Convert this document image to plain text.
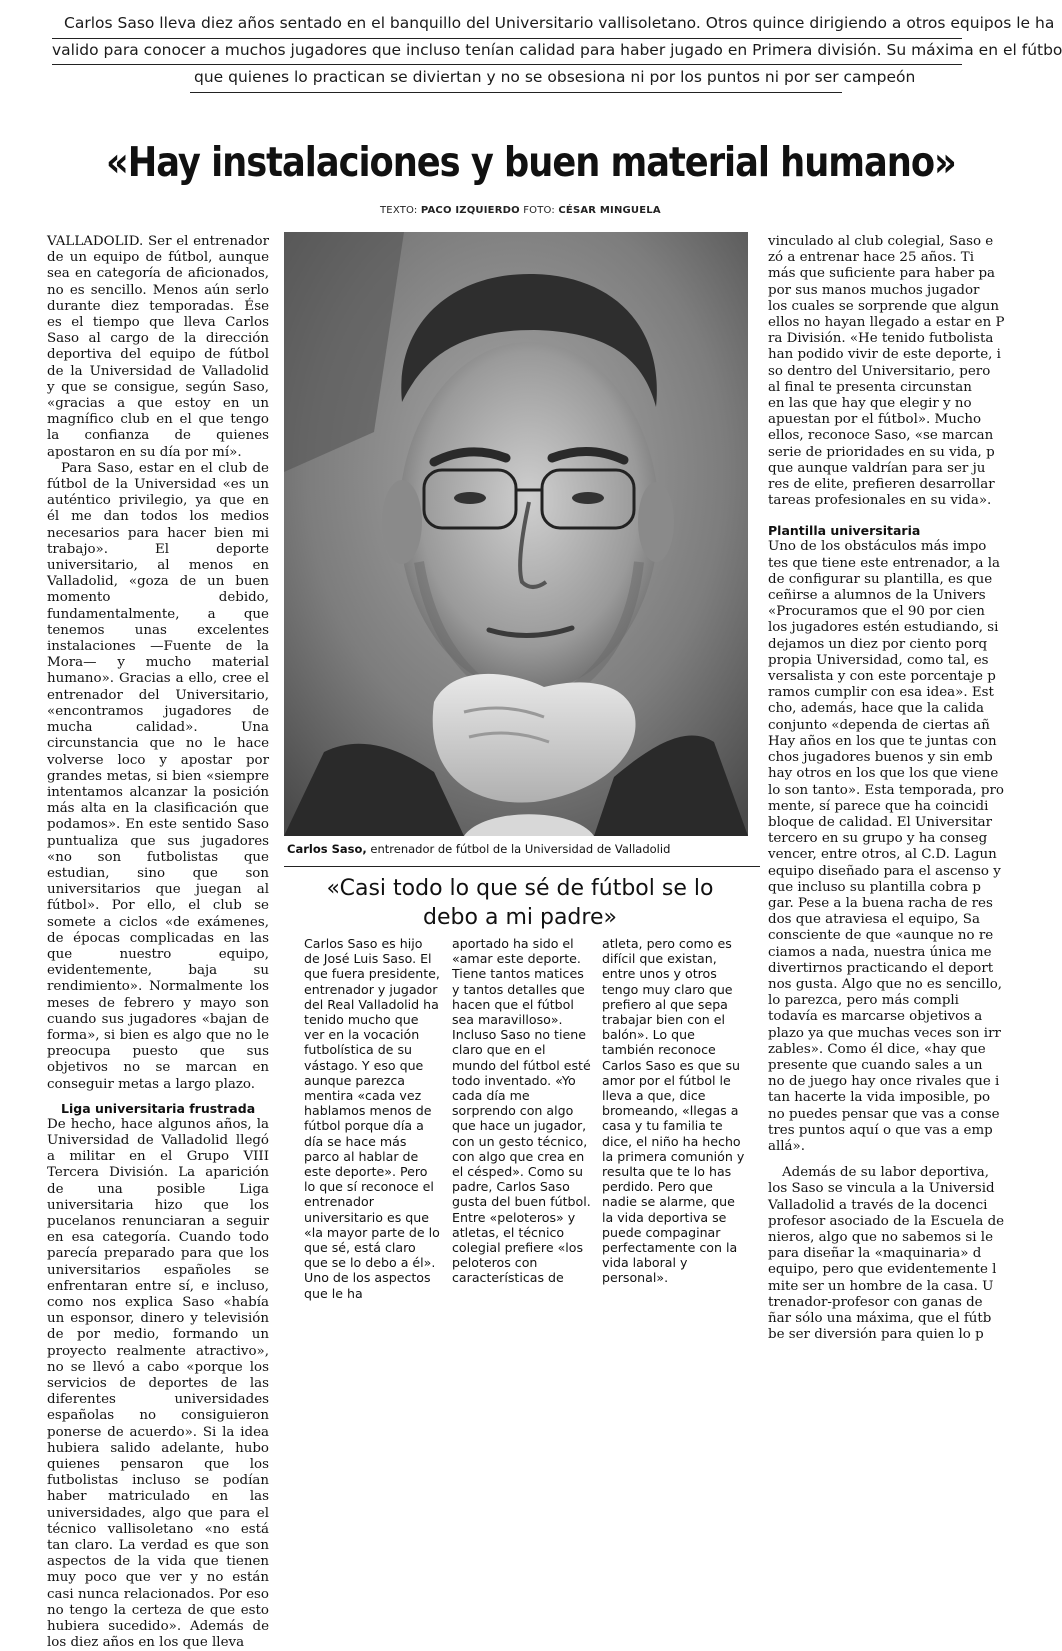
Carlos Saso lleva diez años sentado en el banquillo del Universitario vallisoletano. Otros quince dirigiendo a otros equipos le ha
valido para conocer a muchos jugadores que incluso tenían calidad para haber jugado en Primera división. Su máxima en el fútbo
que quienes lo practican se diviertan y no se obsesiona ni por los puntos ni por ser campeón
«Hay instalaciones y buen material humano»
TEXTO: PACO IZQUIERDO FOTO: CÉSAR MINGUELA

VALLADOLID. Ser el entrenador de un equipo de fútbol, aunque sea en categoría de aficionados, no es sencillo. Menos aún serlo durante diez temporadas. Ése es el tiempo que lleva Carlos Saso al cargo de la dirección deportiva del equipo de fútbol de la Universidad de Valladolid y que se consigue, según Saso, «gracias a que estoy en un magnífico club en el que tengo la confianza de quienes apostaron en su día por mí».

Para Saso, estar en el club de fútbol de la Universidad «es un auténtico privilegio, ya que en él me dan todos los medios necesarios para hacer bien mi trabajo». El deporte universitario, al menos en Valladolid, «goza de un buen momento debido, fundamentalmente, a que tenemos unas excelentes instalaciones —Fuente de la Mora— y mucho material humano». Gracias a ello, cree el entrenador del Universitario, «encontramos jugadores de mucha calidad». Una circunstancia que no le hace volverse loco y apostar por grandes metas, si bien «siempre intentamos alcanzar la posición más alta en la clasificación que podamos». En este sentido Saso puntualiza que sus jugadores «no son futbolistas que estudian, sino que son universitarios que juegan al fútbol». Por ello, el club se somete a ciclos «de exámenes, de épocas complicadas en las que nuestro equipo, evidentemente, baja su rendimiento». Normalmente los meses de febrero y mayo son cuando sus jugadores «bajan de forma», si bien es algo que no le preocupa puesto que sus objetivos no se marcan en conseguir metas a largo plazo.

Liga universitaria frustrada

De hecho, hace algunos años, la Universidad de Valladolid llegó a militar en el Grupo VIII Tercera División. La aparición de una posible Liga universitaria hizo que los pucelanos renunciaran a seguir en esa categoría. Cuando todo parecía preparado para que los universitarios españoles se enfrentaran entre sí, e incluso, como nos explica Saso «había un esponsor, dinero y televisión de por medio, formando un proyecto realmente atractivo», no se llevó a cabo «porque los servicios de deportes de las diferentes universidades españolas no consiguieron ponerse de acuerdo». Si la idea hubiera salido adelante, hubo quienes pensaron que los futbolistas incluso se podían haber matriculado en las universidades, algo que para el técnico vallisoletano «no está tan claro. La verdad es que son aspectos de la vida que tienen muy poco que ver y no están casi nunca relacionados. Por eso no tengo la certeza de que esto hubiera sucedido». Además de los diez años en los que lleva

Carlos Saso, entrenador de fútbol de la Universidad de Valladolid
vinculado al club colegial, Saso e
zó a entrenar hace 25 años. Ti
más que suficiente para haber pa
por sus manos muchos jugador
los cuales se sorprende que algun
ellos no hayan llegado a estar en P
ra División. «He tenido futbolista
han podido vivir de este deporte, i
so dentro del Universitario, pero
al final te presenta circunstan
en las que hay que elegir y no
apuestan por el fútbol». Mucho
ellos, reconoce Saso, «se marcan
serie de prioridades en su vida, p
que aunque valdrían para ser ju
res de elite, prefieren desarrollar
tareas profesionales en su vida».
Plantilla universitaria
Uno de los obstáculos más impo
tes que tiene este entrenador, a la
de configurar su plantilla, es que
ceñirse a alumnos de la Univers
«Procuramos que el 90 por cien
los jugadores estén estudiando, si
dejamos un diez por ciento porq
propia Universidad, como tal, es
versalista y con este porcentaje p
ramos cumplir con esa idea». Est
cho, además, hace que la calida
conjunto «dependa de ciertas añ
Hay años en los que te juntas con
chos jugadores buenos y sin emb
hay otros en los que los que viene
lo son tanto». Esta temporada, pro
mente, sí parece que ha coincidi
bloque de calidad. El Universitar
tercero en su grupo y ha conseg
vencer, entre otros, al C.D. Lagun
equipo diseñado para el ascenso y
que incluso su plantilla cobra p
gar. Pese a la buena racha de res
dos que atraviesa el equipo, Sa
consciente de que «aunque no re
ciamos a nada, nuestra única me
divertirnos practicando el deport
nos gusta. Algo que no es sencillo,
lo parezca, pero más compli
todavía es marcarse objetivos a
plazo ya que muchas veces son irr
zables». Como él dice, «hay que
presente que cuando sales a un
no de juego hay once rivales que i
tan hacerte la vida imposible, po
no puedes pensar que vas a conse
tres puntos aquí o que vas a emp
allá».
Además de su labor deportiva,
los Saso se vincula a la Universid
Valladolid a través de la docenci
profesor asociado de la Escuela de
nieros, algo que no sabemos si le
para diseñar la «maquinaria» d
equipo, pero que evidentemente l
mite ser un hombre de la casa. U
trenador-profesor con ganas de
ñar sólo una máxima, que el fútb
be ser diversión para quien lo p
«Casi todo lo que sé de fútbol se lo
debo a mi padre»
Carlos Saso es hijo de José Luis Saso. El que fuera presidente, entrenador y jugador del Real Valladolid ha tenido mucho que ver en la vocación futbolística de su vástago. Y eso que aunque parezca mentira «cada vez hablamos menos de fútbol porque día a día se hace más parco al hablar de este deporte». Pero lo que sí reconoce el entrenador universitario es que «la mayor parte de lo que sé, está claro que se lo debo a él». Uno de los aspectos que le ha
aportado ha sido el «amar este deporte. Tiene tantos matices y tantos detalles que hacen que el fútbol sea maravilloso». Incluso Saso no tiene claro que en el mundo del fútbol esté todo inventado. «Yo cada día me sorprendo con algo que hace un jugador, con un gesto técnico, con algo que crea en el césped». Como su padre, Carlos Saso gusta del buen fútbol. Entre «peloteros» y atletas, el técnico colegial prefiere «los peloteros con características de
atleta, pero como es difícil que existan, entre unos y otros tengo muy claro que prefiero al que sepa trabajar bien con el balón». Lo que también reconoce Carlos Saso es que su amor por el fútbol le lleva a que, dice bromeando, «llegas a casa y tu familia te dice, el niño ha hecho la primera comunión y resulta que te lo has perdido. Pero que nadie se alarme, que la vida deportiva se puede compaginar perfectamente con la vida laboral y personal».
